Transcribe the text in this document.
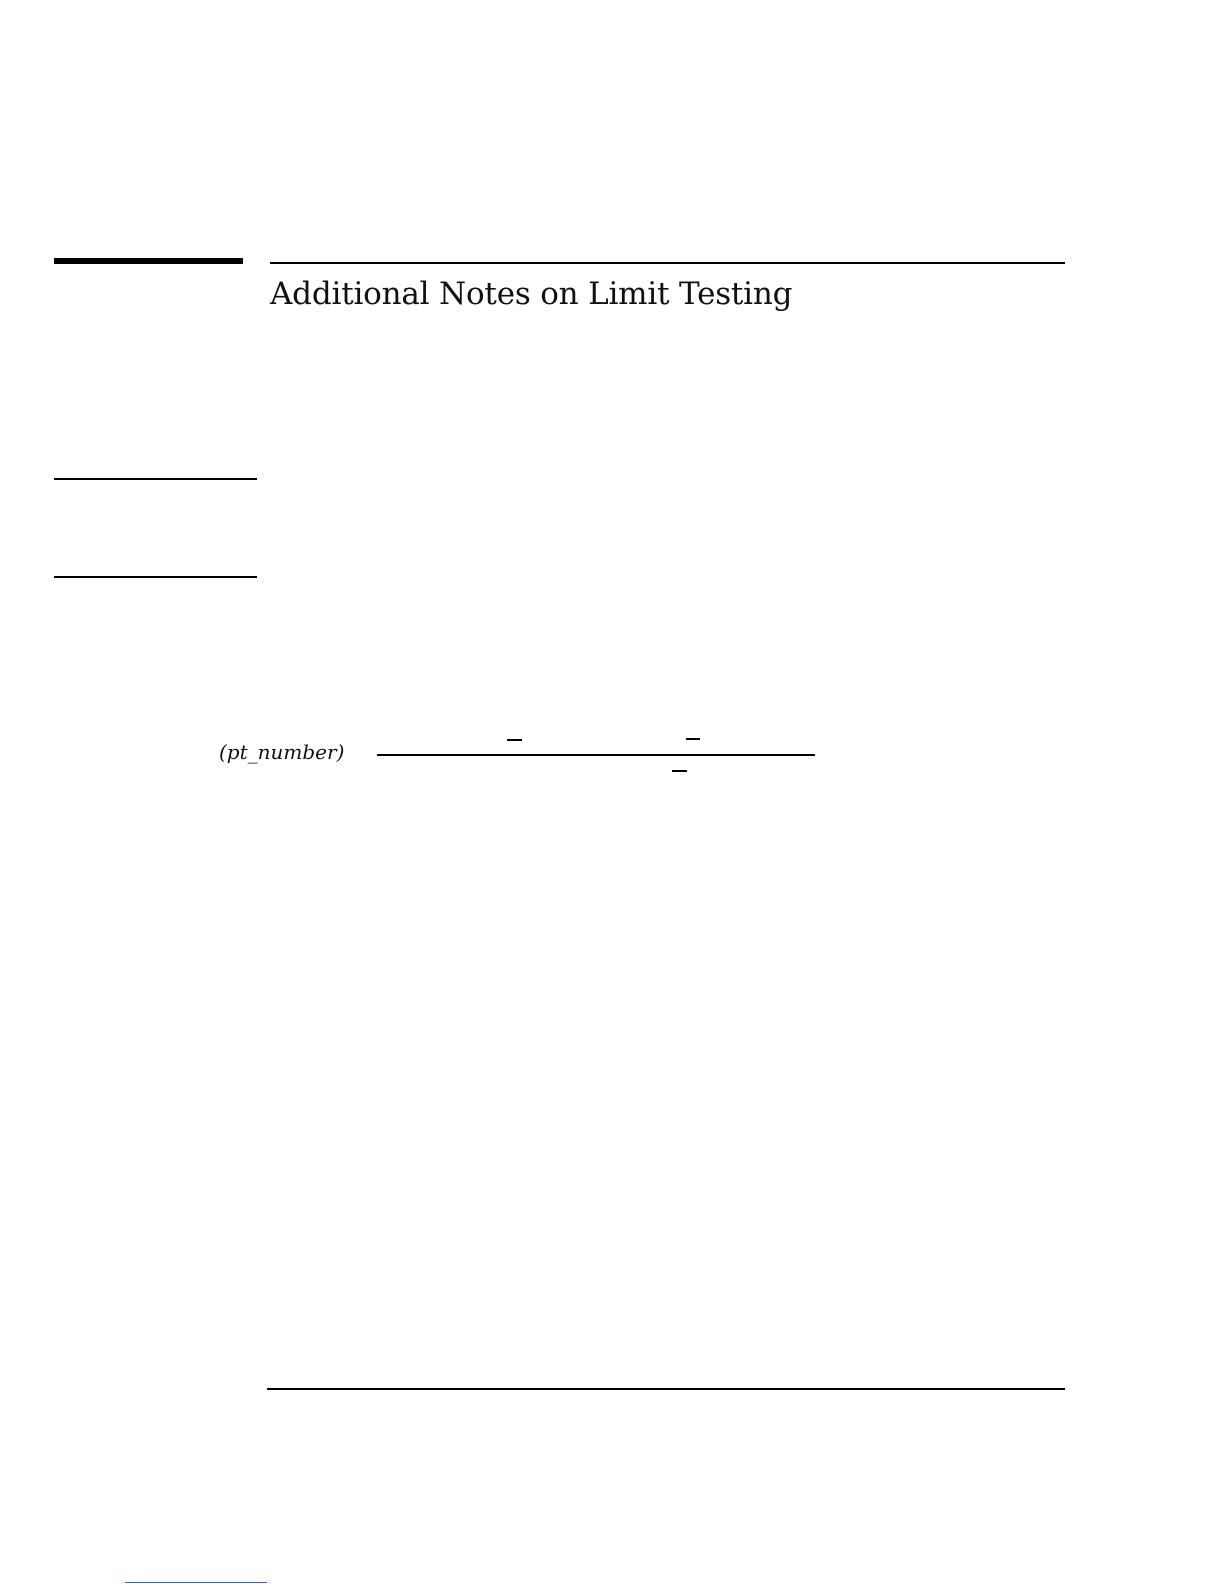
Additional Notes on Limit Testing
(pt_number)
